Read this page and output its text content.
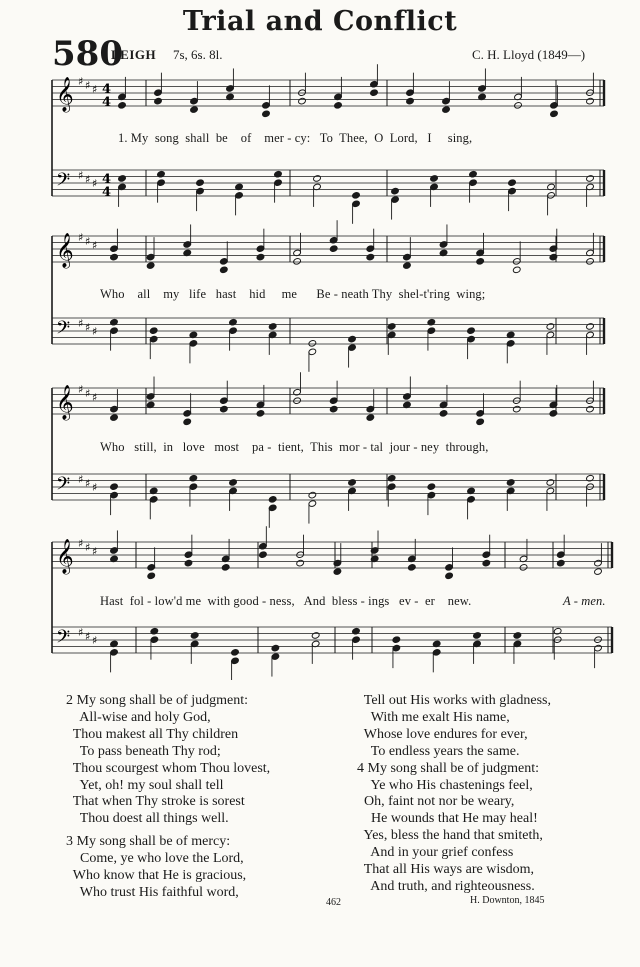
Trial and Conflict
580
LEIGH 7s, 6s. 8l.	C. H. Lloyd (1849—)
𝄞 ♯ ♯ ♯ 4
4
𝄢 ♯ ♯ ♯ 4
4
𝄞 ♯ ♯ ♯
𝄢 ♯ ♯ ♯
𝄞 ♯ ♯ ♯
𝄢 ♯ ♯ ♯
𝄞 ♯ ♯ ♯
𝄢 ♯ ♯ ♯
1. My  song  shall  be    of    mer - cy:   To  Thee,  O  Lord,   I     sing,
Who    all    my   life   hast    hid     me      Be - neath Thy  shel-t'ring  wing;
Who   still,  in   love   most    pa -  tient,  This  mor - tal  jour - ney  through,
Hast  fol - low'd me  with good - ness,   And  bless - ings   ev -  er    new.	A - men.
2 My song shall be of judgment:
All-wise and holy God,
Thou makest all Thy children
To pass beneath Thy rod;
Thou scourgest whom Thou lovest,
Yet, oh! my soul shall tell
That when Thy stroke is sorest
Thou doest all things well.
3 My song shall be of mercy:
Come, ye who love the Lord,
Who know that He is gracious,
Who trust His faithful word,
Tell out His works with gladness,
With me exalt His name,
Whose love endures for ever,
To endless years the same.
4 My song shall be of judgment:
Ye who His chastenings feel,
Oh, faint not nor be weary,
He wounds that He may heal!
Yes, bless the hand that smiteth,
And in your grief confess
That all His ways are wisdom,
And truth, and righteousness.
462	H. Downton, 1845
